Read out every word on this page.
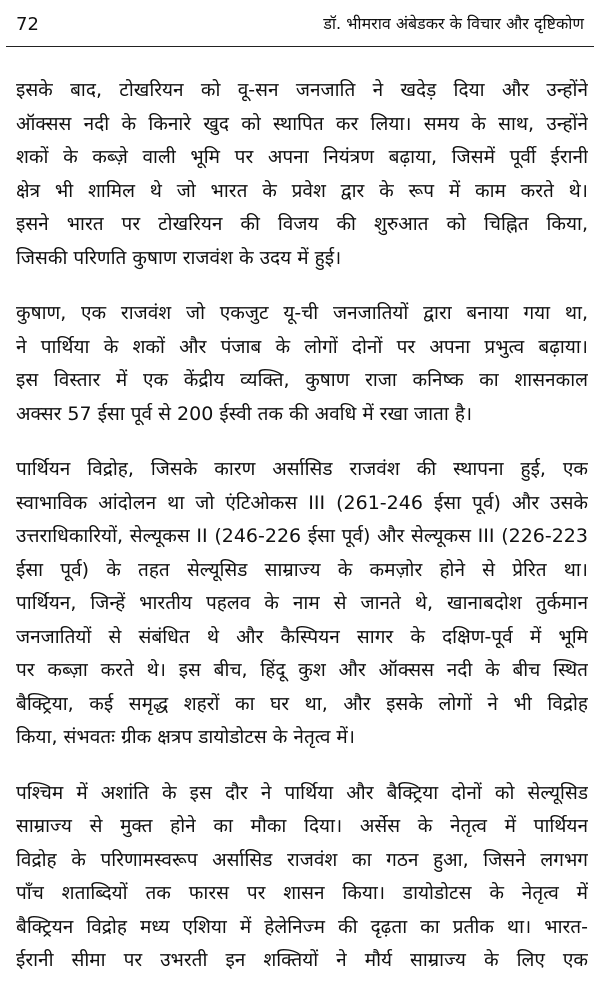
72	डॉ. भीमराव अंबेडकर के विचार और दृष्टिकोण

इसके बाद, टोखरियन को वू-सन जनजाति ने खदेड़ दिया और उन्होंने
ऑक्सस नदी के किनारे खुद को स्थापित कर लिया। समय के साथ, उन्होंने
शकों के कब्ज़े वाली भूमि पर अपना नियंत्रण बढ़ाया, जिसमें पूर्वी ईरानी
क्षेत्र भी शामिल थे जो भारत के प्रवेश द्वार के रूप में काम करते थे।
इसने भारत पर टोखरियन की विजय की शुरुआत को चिह्नित किया,
जिसकी परिणति कुषाण राजवंश के उदय में हुई।

कुषाण, एक राजवंश जो एकजुट यू-ची जनजातियों द्वारा बनाया गया था,
ने पार्थिया के शकों और पंजाब के लोगों दोनों पर अपना प्रभुत्व बढ़ाया।
इस विस्तार में एक केंद्रीय व्यक्ति, कुषाण राजा कनिष्क का शासनकाल
अक्सर 57 ईसा पूर्व से 200 ईस्वी तक की अवधि में रखा जाता है।

पार्थियन विद्रोह, जिसके कारण अर्सासिड राजवंश की स्थापना हुई, एक
स्वाभाविक आंदोलन था जो एंटिओकस III (261-246 ईसा पूर्व) और उसके
उत्तराधिकारियों, सेल्यूकस II (246-226 ईसा पूर्व) और सेल्यूकस III (226-223
ईसा पूर्व) के तहत सेल्यूसिड साम्राज्य के कमज़ोर होने से प्रेरित था।
पार्थियन, जिन्हें भारतीय पहलव के नाम से जानते थे, खानाबदोश तुर्कमान
जनजातियों से संबंधित थे और कैस्पियन सागर के दक्षिण-पूर्व में भूमि
पर कब्ज़ा करते थे। इस बीच, हिंदू कुश और ऑक्सस नदी के बीच स्थित
बैक्ट्रिया, कई समृद्ध शहरों का घर था, और इसके लोगों ने भी विद्रोह
किया, संभवतः ग्रीक क्षत्रप डायोडोटस के नेतृत्व में।

पश्चिम में अशांति के इस दौर ने पार्थिया और बैक्ट्रिया दोनों को सेल्यूसिड
साम्राज्य से मुक्त होने का मौका दिया। अर्सेस के नेतृत्व में पार्थियन
विद्रोह के परिणामस्वरूप अर्सासिड राजवंश का गठन हुआ, जिसने लगभग
पाँच शताब्दियों तक फारस पर शासन किया। डायोडोटस के नेतृत्व में
बैक्ट्रियन विद्रोह मध्य एशिया में हेलेनिज्म की दृढ़ता का प्रतीक था। भारत-
ईरानी सीमा पर उभरती इन शक्तियों ने मौर्य साम्राज्य के लिए एक
